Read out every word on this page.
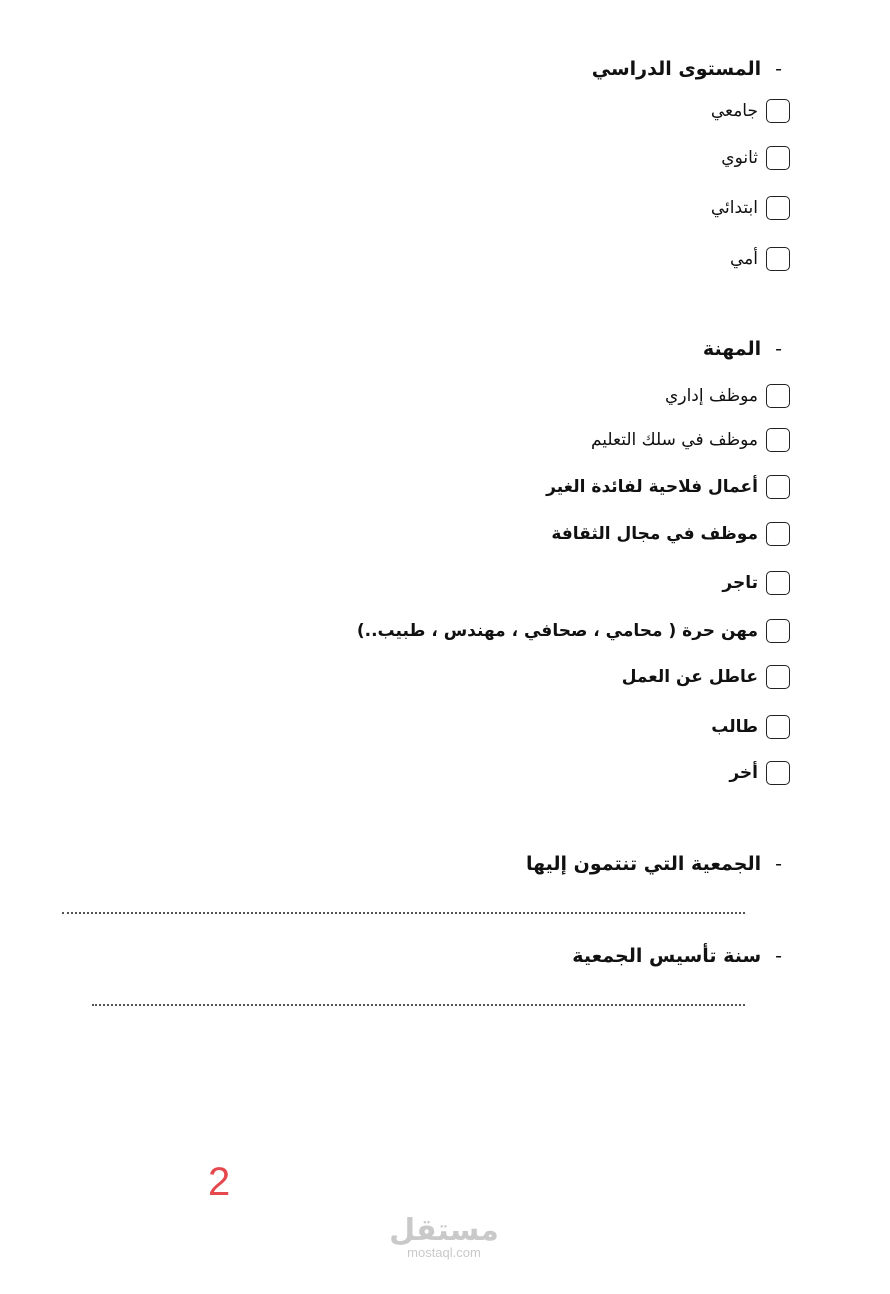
-
المستوى الدراسي
جامعي
ثانوي
ابتدائي
أمي
-
المهنة
موظف إداري
موظف في سلك التعليم
أعمال فلاحية لفائدة الغير
موظف في مجال الثقافة
تاجر
مهن حرة ( محامي ، صحافي ، مهندس ، طبيب..)
عاطل عن العمل
طالب
أخر
-
الجمعية التي تنتمون إليها
-
سنة تأسيس الجمعية
2
مستقل
mostaql.com
